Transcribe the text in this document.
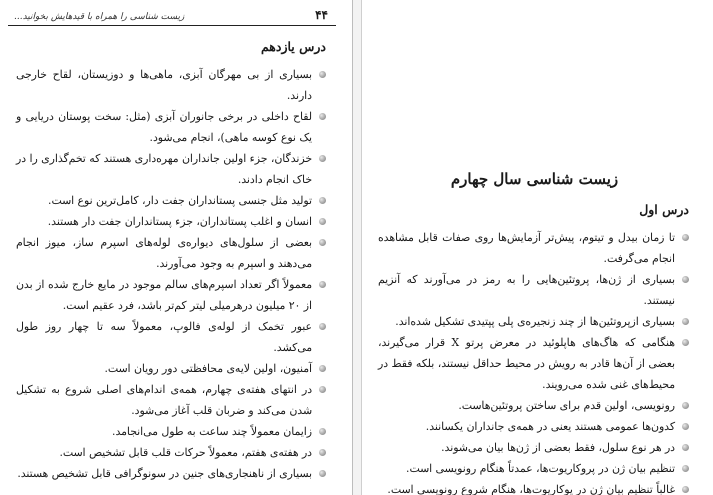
۴۴
زیست شناسی را همراه با قیدهایش بخوانید...
درس یازدهم
بسیاری از بی مهرگان آبزی، ماهی‌ها و دوزیستان، لقاح خارجی دارند.
لقاح داخلی در برخی جانوران آبزی (مثل: سخت پوستان دریایی و یک نوع کوسه ماهی)، انجام می‌شود.
خزندگان، جزء اولین جانداران مهره‌داری هستند که تخم‌گذاری را در خاک انجام دادند.
تولید مثل جنسی پستانداران جفت دار، کامل‌ترین نوع است.
انسان و اغلب پستانداران، جزء پستانداران جفت دار هستند.
بعضی از سلول‌های دیواره‌ی لوله‌های اسپرم ساز، میوز انجام می‌دهند و اسپرم به وجود می‌آورند.
معمولاً اگر تعداد اسپرم‌های سالم موجود در مایع خارج شده از بدن از ۲۰ میلیون درهرمیلی لیتر کم‌تر باشد، فرد عقیم است.
عبور تخمک از لوله‌ی فالوپ، معمولاً سه تا چهار روز طول می‌کشد.
آمنیون، اولین لایه‌ی محافظتی دور رویان است.
در انتهای هفته‌ی چهارم، همه‌ی اندام‌های اصلی شروع به تشکیل شدن می‌کند و ضربان قلب آغاز می‌شود.
زایمان معمولاً چند ساعت به طول می‌انجامد.
در هفته‌ی هفتم، معمولاً حرکات قلب قابل تشخیص است.
بسیاری از ناهنجاری‌های جنین در سونوگرافی قابل تشخیص هستند.
زیست شناسی سال چهارم
درس اول
تا زمان بیدل و تیتوم، پیش‌تر آزمایش‌ها روی صفات قابل مشاهده انجام می‌گرفت.
بسیاری از ژن‌ها، پروتئین‌هایی را به رمز در می‌آورند که آنزیم نیستند.
بسیاری ازپروتئین‌ها از چند زنجیره‌ی پلی پپتیدی تشکیل شده‌اند.
هنگامی که هاگ‌های هاپلوئید در معرض پرتو X قرار می‌گیرند، بعضی از آن‌ها قادر به رویش در محیط حداقل نیستند، بلکه فقط در محیط‌های غنی شده می‌رویند.
رونویسی، اولین قدم برای ساختن پروتئین‌هاست.
کدون‌ها عمومی هستند یعنی در همه‌ی جانداران یکسانند.
در هر نوع سلول، فقط بعضی از ژن‌ها بیان می‌شوند.
تنظیم بیان ژن در پروکاریوت‌ها، عمدتاً هنگام رونویسی است.
غالباً تنظیم بیان ژن در یوکاریوت‌ها، هنگام شروع رونویسی است.
